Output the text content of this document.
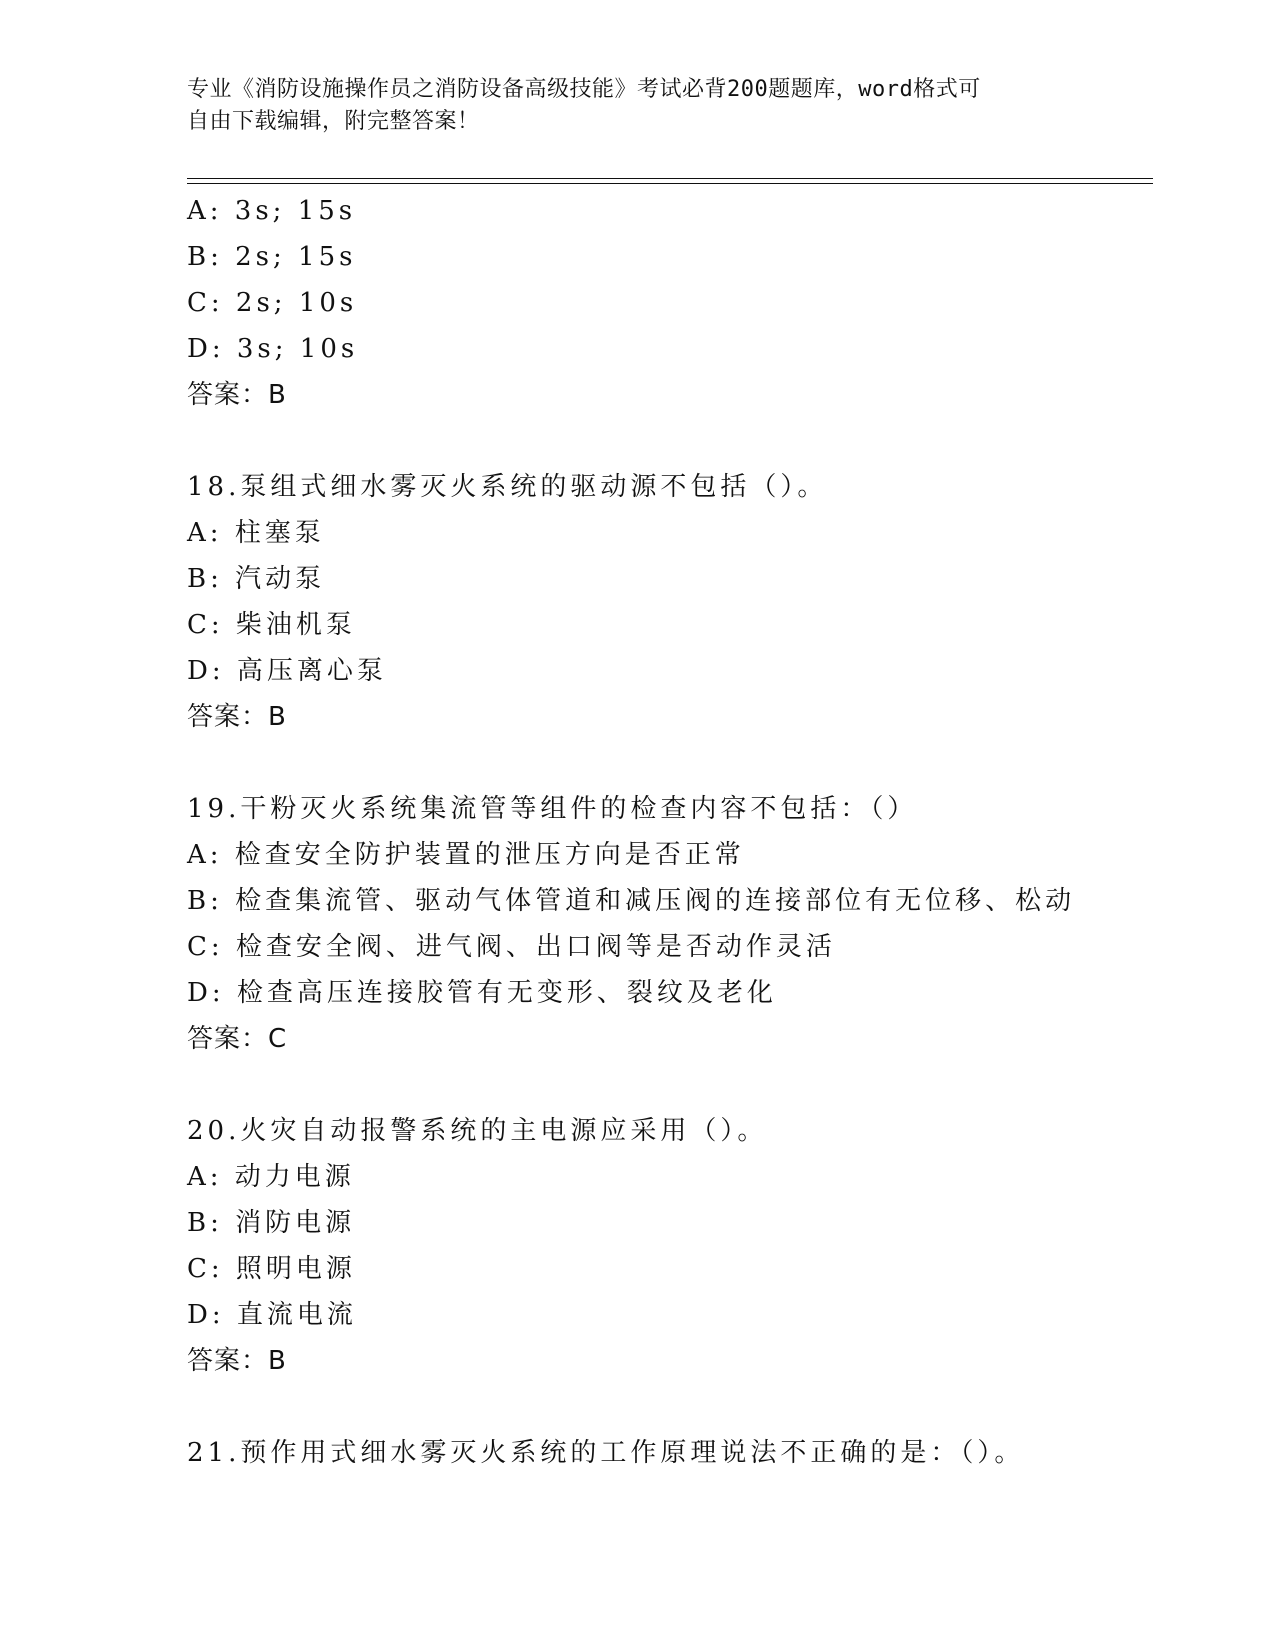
专业《消防设施操作员之消防设备高级技能》考试必背200题题库，word格式可
自由下载编辑，附完整答案！
A: 3s; 15s
B: 2s; 15s
C: 2s; 10s
D: 3s; 10s
答案：B
18.泵组式细水雾灭火系统的驱动源不包括（）。
A: 柱塞泵
B: 汽动泵
C: 柴油机泵
D: 高压离心泵
答案：B
19.干粉灭火系统集流管等组件的检查内容不包括：（）
A: 检查安全防护装置的泄压方向是否正常
B: 检查集流管、驱动气体管道和减压阀的连接部位有无位移、松动
C: 检查安全阀、进气阀、出口阀等是否动作灵活
D: 检查高压连接胶管有无变形、裂纹及老化
答案：C
20.火灾自动报警系统的主电源应采用（）。
A: 动力电源
B: 消防电源
C: 照明电源
D: 直流电流
答案：B
21.预作用式细水雾灭火系统的工作原理说法不正确的是：（）。
